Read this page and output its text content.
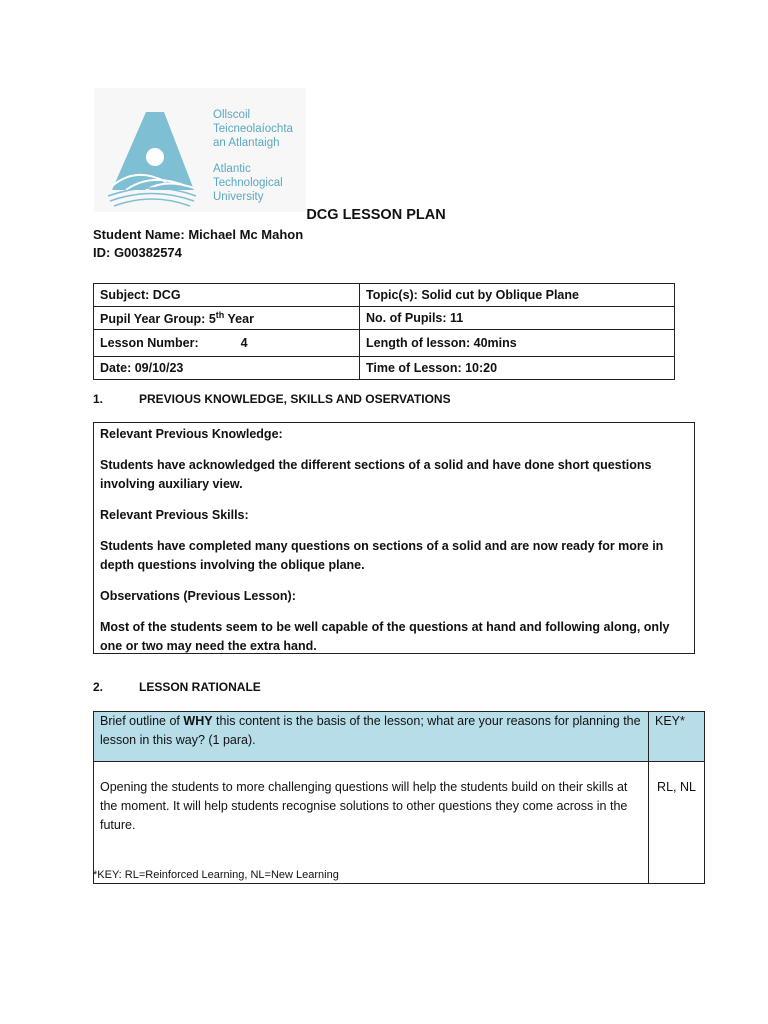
Ollscoil
Teicneolaíochta
an Atlantaigh
Atlantic
Technological
University
DCG LESSON PLAN
Student Name: Michael Mc Mahon
ID: G00382574
Subject: DCG	Topic(s): Solid cut by Oblique Plane
Pupil Year Group: 5th Year	No. of Pupils: 11
Lesson Number: 4	Length of lesson: 40mins
Date: 09/10/23	Time of Lesson: 10:20
1.	PREVIOUS KNOWLEDGE, SKILLS AND OSERVATIONS

Relevant Previous Knowledge:

Students have acknowledged the different sections of a solid and have done short questions involving auxiliary view.

Relevant Previous Skills:

Students have completed many questions on sections of a solid and are now ready for more in depth questions involving the oblique plane.

Observations (Previous Lesson):

Most of the students seem to be well capable of the questions at hand and following along, only one or two may need the extra hand.

2.	LESSON RATIONALE
Brief outline of WHY this content is the basis of the lesson; what are your reasons for planning the lesson in this way? (1 para).	KEY*
Opening the students to more challenging questions will help the students build on their skills at the moment. It will help students recognise solutions to other questions they come across in the future.	RL, NL
*KEY: RL=Reinforced Learning, NL=New Learning
